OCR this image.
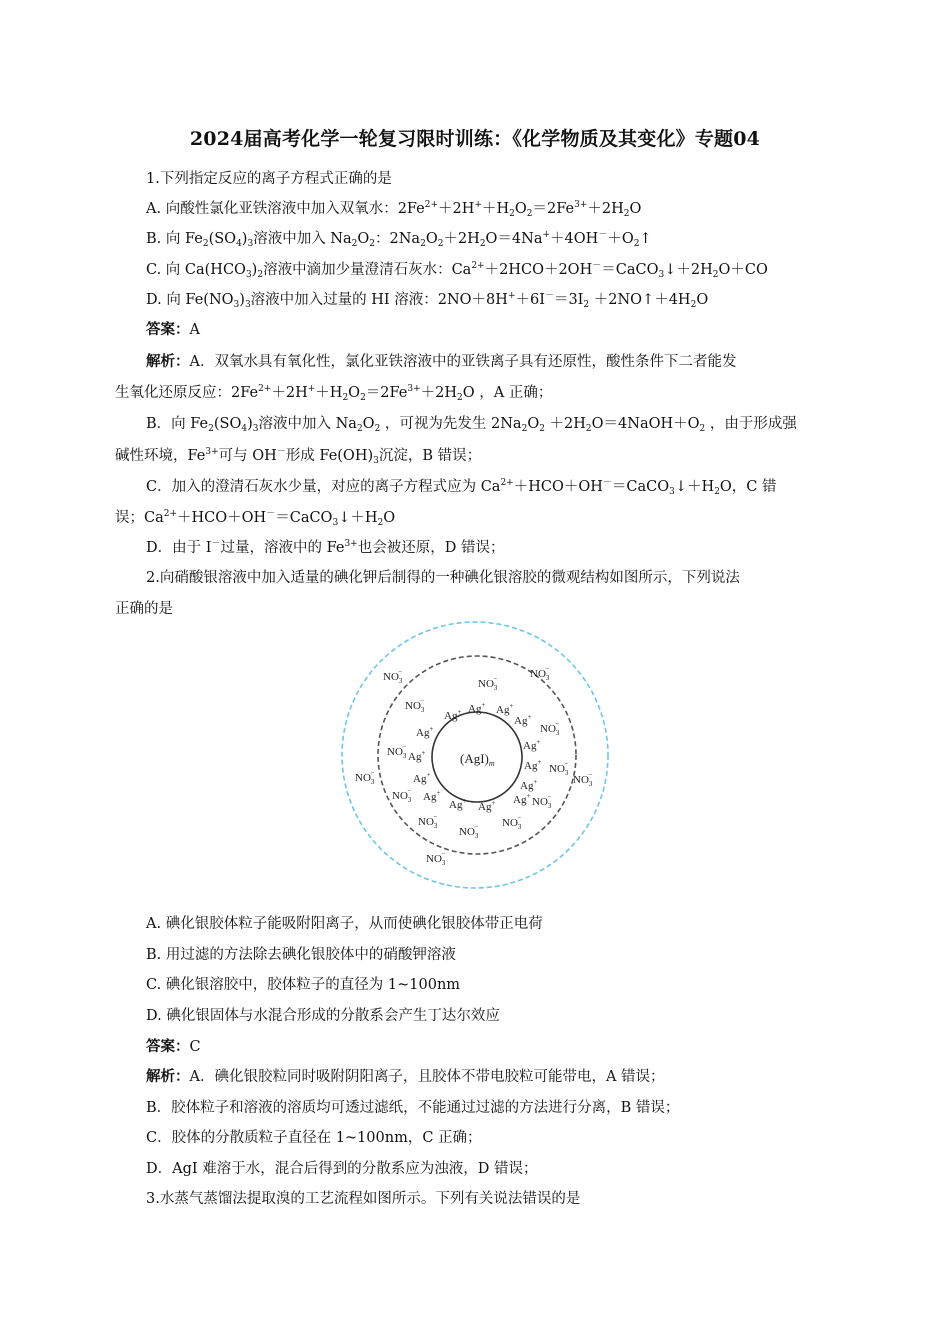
2024届高考化学一轮复习限时训练：《化学物质及其变化》专题04
1.下列指定反应的离子方程式正确的是
A. 向酸性氯化亚铁溶液中加入双氧水：$2Fe^{2+}+2H^++H_2O_2=2Fe^{3+}+2H_2O$
B. 向 $Fe_2(SO_4)_3$溶液中加入 $Na_2O_2$：$2Na_2O_2+2H_2O=4Na^++4OH^-+O_2↑$
C. 向 $Ca(HCO_3)_2$溶液中滴加少量澄清石灰水：$Ca^{2+}+2HCO+2OH^-=CaCO_3↓+2H_2O+CO$
D. 向 $Fe(NO_3)_3$溶液中加入过量的 HI 溶液：$2NO+8H^++6I^-=3I_2$ $+2NO↑+4H_2O$
答案：A
解析：A．双氧水具有氧化性，氯化亚铁溶液中的亚铁离子具有还原性，酸性条件下二者能发
生氧化还原反应：$2Fe^{2+}+2H^++H_2O_2=2Fe^{3+}+2H_2O$ ，A 正确；
B．向 $Fe_2(SO_4)_3$溶液中加入 $Na_2O_2$ ，可视为先发生 $2Na_2O_2$ $+2H_2O=4NaOH+O_2$ ，由于形成强
碱性环境，$Fe^{3+}$可与 OH－形成 $Fe(OH)_3$沉淀，B 错误；
C．加入的澄清石灰水少量，对应的离子方程式应为 $Ca^{2+}+HCO+OH^-=CaCO_3↓+H_2O$，C 错
误；$Ca^{2+}+HCO+OH^-=CaCO_3↓+H_2O$
D．由于 I－过量，溶液中的 $Fe^{3+}$也会被还原，D 错误；
2.向硝酸银溶液中加入适量的碘化钾后制得的一种碘化银溶胶的微观结构如图所示，下列说法
正确的是
$(AgI)_m$
Ag+
Ag+	Ag+
Ag+
Ag+
Ag+
Ag+
Ag+
Ag+
Ag+
Ag+
Ag+ Ag+
Ag+
$NO_3-$
$NO_3-$	$NO_3-$
$NO_3-$
$NO_3-$
$NO_3-$
$NO_3-$
$NO_3-$
$NO_3-$
$NO_3-$
$NO_3-$
$NO_3-$	$NO_3-$
$NO_3-$
$NO_3-$
A. 碘化银胶体粒子能吸附阳离子，从而使碘化银胶体带正电荷
B. 用过滤的方法除去碘化银胶体中的硝酸钾溶液
C. 碘化银溶胶中，胶体粒子的直径为 1~100nm
D. 碘化银固体与水混合形成的分散系会产生丁达尔效应
答案：C
解析：A．碘化银胶粒同时吸附阴阳离子，且胶体不带电胶粒可能带电，A 错误；
B．胶体粒子和溶液的溶质均可透过滤纸，不能通过过滤的方法进行分离，B 错误；
C．胶体的分散质粒子直径在 1~100nm，C 正确；
D．AgI 难溶于水，混合后得到的分散系应为浊液，D 错误；
3.水蒸气蒸馏法提取溴的工艺流程如图所示。下列有关说法错误的是
